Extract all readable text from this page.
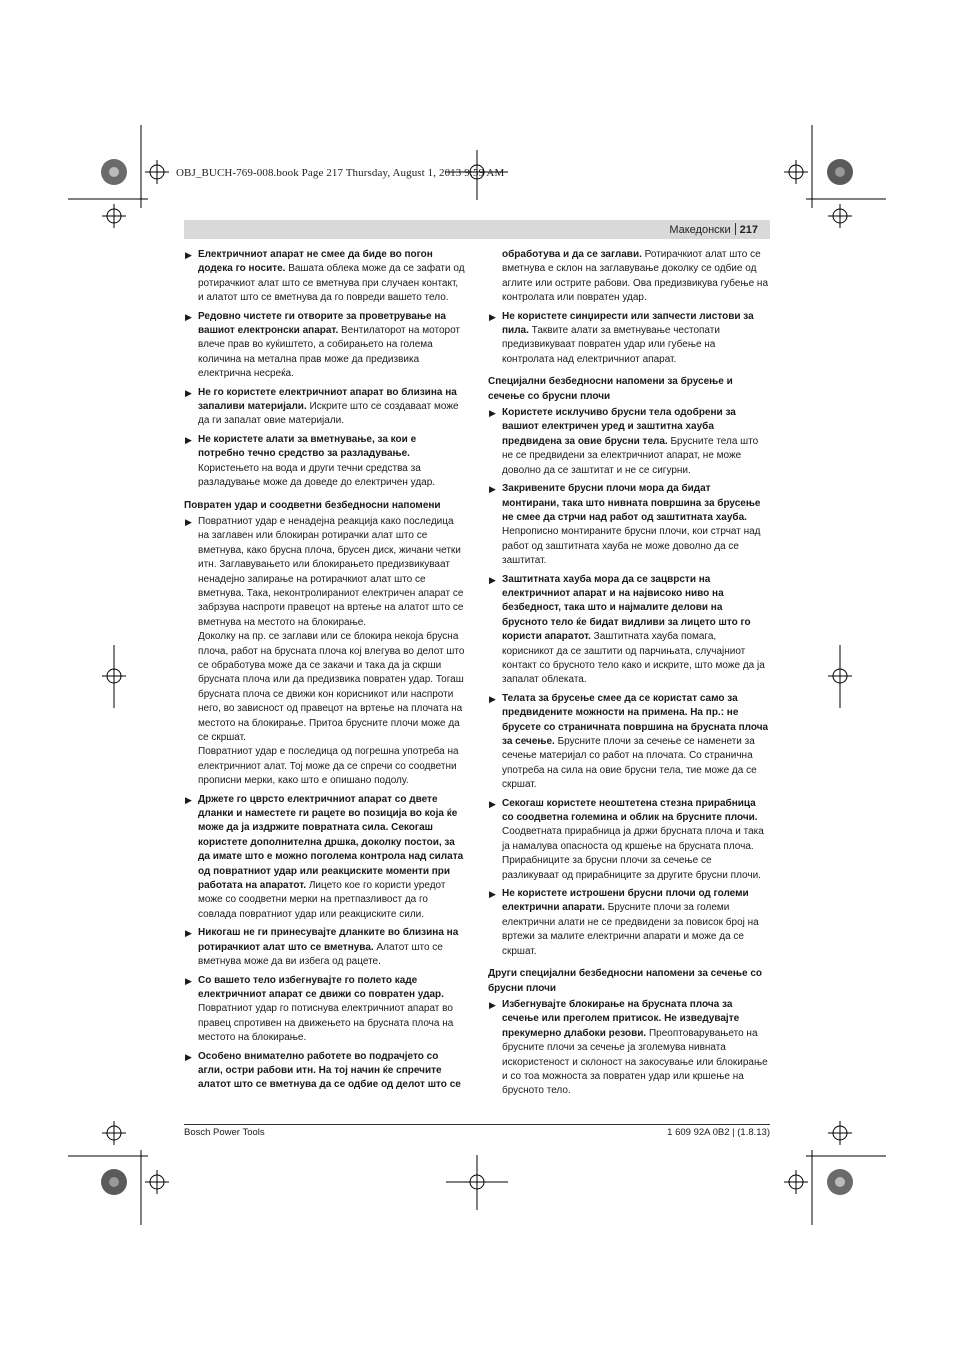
OBJ_BUCH-769-008.book Page 217 Thursday, August 1, 2013 9:59 AM
Македонски 217
▶ Електричниот апарат не смее да биде во погон додека го носите. Вашата облека може да се зафати од ротирачкиот алат што се вметнува при случаен контакт, и алатот што се вметнува да го повреди вашето тело.
▶ Редовно чистете ги отворите за проветрување на вашиот електронски апарат. Вентилаторот на моторот влече прав во куќиштето, а собирањето на голема количина на метална прав може да предизвика електрична несреќа.
▶ Не го користете електричниот апарат во близина на запаливи материјали. Искрите што се создаваат може да ги запалат овие материјали.
▶ Не користете алати за вметнување, за кои е потребно течно средство за разладување. Користењето на вода и други течни средства за разладување може да доведе до електричен удар.
Повратен удар и соодветни безбедносни напомени
▶ Повратниот удар е ненадејна реакција како последица на заглавен или блокиран ротирачки алат што се вметнува, како брусна плоча, брусен диск, жичани четки итн. Заглавувањето или блокирањето предизвикуваат ненадејно запирање на ротирачкиот алат што се вметнува. Така, неконтролираниот електричен апарат се забрзува наспроти правецот на вртење на алатот што се вметнува на местото на блокирање.

Доколку на пр. се заглави или се блокира некоја брусна плоча, работ на брусната плоча кој влегува во делот што се обработува може да се закачи и така да ја скрши брусната плоча или да предизвика повратен удар. Тогаш брусната плоча се движи кон корисникот или наспроти него, во зависност од правецот на вртење на плочата на местото на блокирање. Притоа брусните плочи може да се скршат.

Повратниот удар е последица од погрешна употреба на електричниот алат. Тој може да се спречи со соодветни прописни мерки, како што е опишано подолу.

▶ Држете го цврсто електричниот апарат со двете дланки и наместете ги рацете во позиција во која ќе може да ја издржите повратната сила. Секогаш користете дополнителна дршка, доколку постои, за да имате што е можно поголема контрола над силата од повратниот удар или реакциските моменти при работата на апаратот. Лицето кое го користи уредот може со соодветни мерки на претпазливост да го совлада повратниот удар или реакциските сили.
▶ Никогаш не ги принесувајте дланките во близина на ротирачкиот алат што се вметнува. Алатот што се вметнува може да ви избега од рацете.
▶ Со вашето тело избегнувајте го полето каде електричниот апарат се движи со повратен удар. Повратниот удар го потиснува електричниот апарат во правец спротивен на движењето на брусната плоча на местото на блокирање.
▶ Особено внимателно работете во подрачјето со агли, остри рабови итн. На тој начин ќе спречите алатот што се вметнува да се одбие од делот што се
обработува и да се заглави. Ротирачкиот алат што се вметнува е склон на заглавување доколку се одбие од аглите или острите рабови. Ова предизвикува губење на контролата или повратен удар.
▶ Не користете синџирести или запчести листови за пила. Таквите алати за вметнување честопати предизвикуваат повратен удар или губење на контролата над електричниот апарат.
Специјални безбедносни напомени за брусење и сечење со брусни плочи
▶ Користете исклучиво брусни тела одобрени за вашиот електричен уред и заштитна хауба предвидена за овие брусни тела. Брусните тела што не се предвидени за електричниот апарат, не може доволно да се заштитат и не се сигурни.
▶ Закривените брусни плочи мора да бидат монтирани, така што нивната површина за брусење не смее да стрчи над работ од заштитната хауба. Непрописно монтираните брусни плочи, кои стрчат над работ од заштитната хауба не може доволно да се заштитат.
▶ Заштитната хауба мора да се зацврсти на електричниот апарат и на највисоко ниво на безбедност, така што и најмалите делови на брусното тело ќе бидат видливи за лицето што го користи апаратот. Заштитната хауба помага, корисникот да се заштити од парчињата, случајниот контакт со брусното тело како и искрите, што може да ја запалат облеката.
▶ Телата за брусење смее да се користат само за предвидените можности на примена. На пр.: не брусете со страничната површина на брусната плоча за сечење. Брусните плочи за сечење се наменети за сечење материјал со работ на плочата. Со странична употреба на сила на овие брусни тела, тие може да се скршат.
▶ Секогаш користете неоштетена стезна прирабница со соодветна големина и облик на брусните плочи. Соодветната прирабница ја држи брусната плоча и така ја намалува опасноста од кршење на брусната плоча. Прирабниците за брусни плочи за сечење се разликуваат од прирабниците за другите брусни плочи.
▶ Не користете истрошени брусни плочи од големи електрични апарати. Брусните плочи за големи електрични алати не се предвидени за повисок број на вртежи за малите електрични апарати и може да се скршат.
Други специјални безбедносни напомени за сечење со брусни плочи
▶ Избегнувајте блокирање на брусната плоча за сечење или преголем притисок. Не изведувајте прекумерно длабоки резови. Преоптоварувањето на брусните плочи за сечење ја зголемува нивната искористеност и склоност на закосување или блокирање и со тоа можноста за повратен удар или кршење на брусното тело.
Bosch Power Tools	1 609 92A 0B2 | (1.8.13)
